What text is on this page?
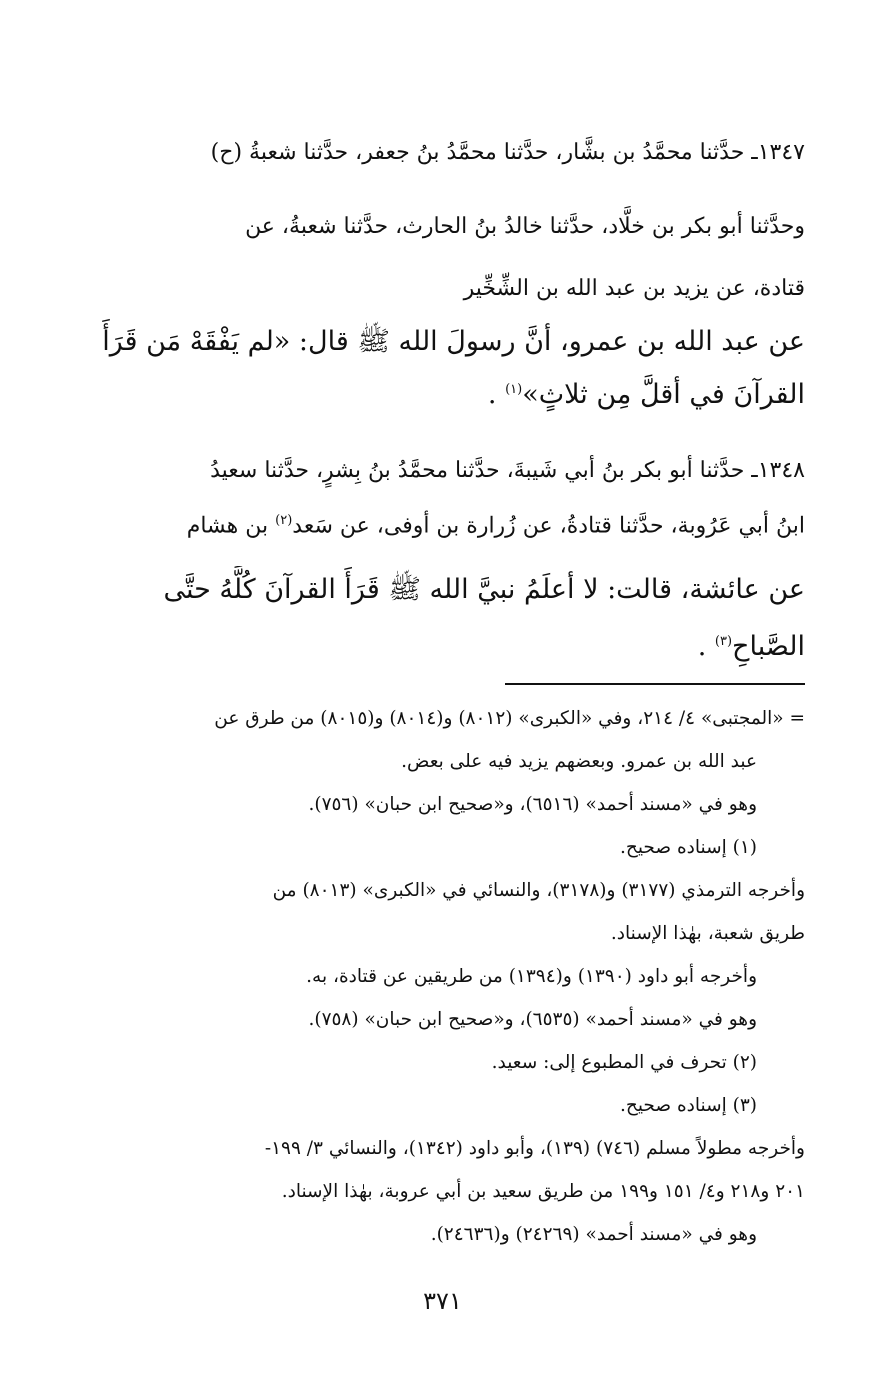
١٣٤٧ـ حدَّثنا محمَّدُ بن بشَّار، حدَّثنا محمَّدُ بنُ جعفر، حدَّثنا شعبةُ (ح)
وحدَّثنا أبو بكر بن خلَّاد، حدَّثنا خالدُ بنُ الحارث، حدَّثنا شعبةُ، عن
قتادة، عن يزيد بن عبد الله بن الشِّخِّير
عن عبد الله بن عمرو، أنَّ رسولَ الله ﷺ قال: «لم يَفْقَهْ مَن قَرَأَ
القرآنَ في أقلَّ مِن ثلاثٍ»$^{(١)}$ .
١٣٤٨ـ حدَّثنا أبو بكر بنُ أبي شَيبةَ، حدَّثنا محمَّدُ بنُ بِشرٍ، حدَّثنا سعيدُ
ابنُ أبي عَرُوبة، حدَّثنا قتادةُ، عن زُرارة بن أوفى، عن سَعد$^{(٢)}$ بن هشام
عن عائشة، قالت: لا أعلَمُ نبيَّ الله ﷺ قَرَأَ القرآنَ كُلَّهُ حتَّى
الصَّباحِ$^{(٣)}$ .
= «المجتبى» ٤/ ٢١٤، وفي «الكبرى» (٨٠١٢) و(٨٠١٤) و(٨٠١٥) من طرق عن
عبد الله بن عمرو. وبعضهم يزيد فيه على بعض.
وهو في «مسند أحمد» (٦٥١٦)، و«صحيح ابن حبان» (٧٥٦).
(١) إسناده صحيح.
وأخرجه الترمذي (٣١٧٧) و(٣١٧٨)، والنسائي في «الكبرى» (٨٠١٣) من
طريق شعبة، بهٰذا الإسناد.
وأخرجه أبو داود (١٣٩٠) و(١٣٩٤) من طريقين عن قتادة، به.
وهو في «مسند أحمد» (٦٥٣٥)، و«صحيح ابن حبان» (٧٥٨).
(٢) تحرف في المطبوع إلى: سعيد.
(٣) إسناده صحيح.
وأخرجه مطولاً مسلم (٧٤٦) (١٣٩)، وأبو داود (١٣٤٢)، والنسائي ٣/ ١٩٩-
٢٠١ و٢١٨ و٤/ ١٥١ و١٩٩ من طريق سعيد بن أبي عروبة، بهٰذا الإسناد.
وهو في «مسند أحمد» (٢٤٢٦٩) و(٢٤٦٣٦).
٣٧١
